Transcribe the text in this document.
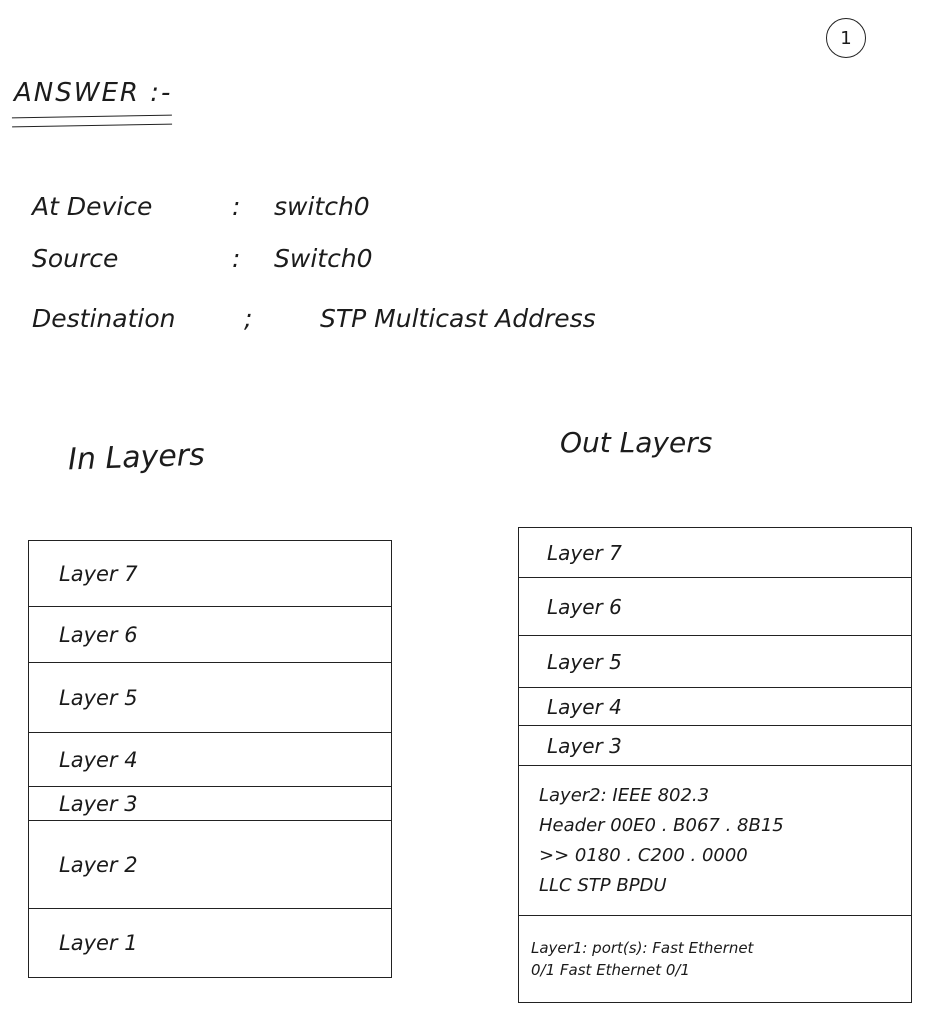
1
ANSWER :-
At Device	:	switch0
Source	:	Switch0
Destination	;	STP Multicast Address
In Layers	Out Layers
Layer 7
Layer 6
Layer 5
Layer 4
Layer 3
Layer 2
Layer 1
Layer 7
Layer 6
Layer 5
Layer 4
Layer 3
Layer2: IEEE 802.3
Header 00E0 . B067 . 8B15
>> 0180 . C200 . 0000
LLC STP BPDU
Layer1: port(s): Fast Ethernet
0/1 Fast Ethernet 0/1
